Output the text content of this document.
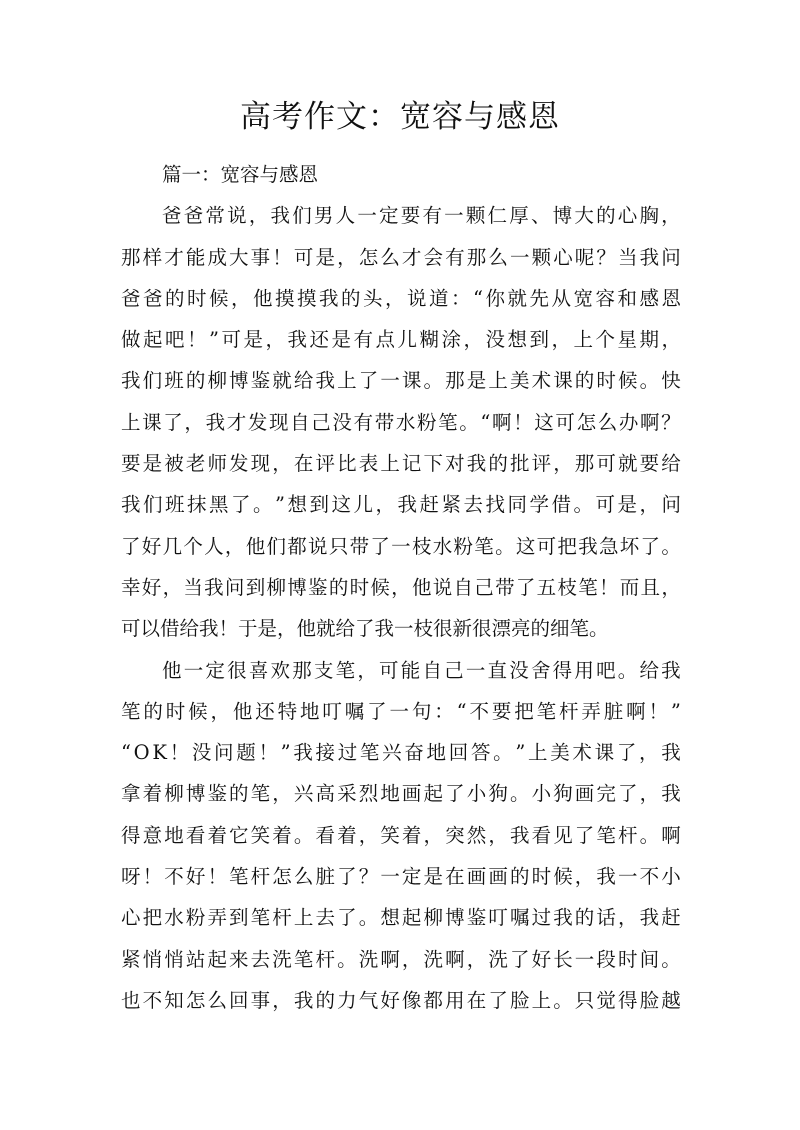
高考作文：宽容与感恩
篇一：宽容与感恩
爸 爸 常 说 ， 我 们 男 人 一 定 要 有 一 颗 仁 厚 、 博 大 的 心 胸 ，
那 样 才 能 成 大 事 ！ 可 是 ， 怎 么 才 会 有 那 么 一 颗 心 呢 ？ 当 我 问
爸 爸 的 时 候 ， 他 摸 摸 我 的 头 ， 说 道 ： “ 你 就 先 从 宽 容 和 感 恩
做 起 吧 ！ ” 可 是 ， 我 还 是 有 点 儿 糊 涂 ， 没 想 到 ， 上 个 星 期 ，
我 们 班 的 柳 博 鉴 就 给 我 上 了 一 课 。 那 是 上 美 术 课 的 时 候 。 快
上 课 了 ， 我 才 发 现 自 己 没 有 带 水 粉 笔 。 “ 啊 ！ 这 可 怎 么 办 啊 ？
要 是 被 老 师 发 现 ， 在 评 比 表 上 记 下 对 我 的 批 评 ， 那 可 就 要 给
我 们 班 抹 黑 了 。 ” 想 到 这 儿 ， 我 赶 紧 去 找 同 学 借 。 可 是 ， 问
了 好 几 个 人 ， 他 们 都 说 只 带 了 一 枝 水 粉 笔 。 这 可 把 我 急 坏 了 。
幸 好 ， 当 我 问 到 柳 博 鉴 的 时 候 ， 他 说 自 己 带 了 五 枝 笔 ！ 而 且 ，
可以借给我！于是，他就给了我一枝很新很漂亮的细笔。
他 一 定 很 喜 欢 那 支 笔 ， 可 能 自 己 一 直 没 舍 得 用 吧 。 给 我
笔 的 时 候 ， 他 还 特 地 叮 嘱 了 一 句 ： “ 不 要 把 笔 杆 弄 脏 啊 ！ ”
“ O K ！ 没 问 题 ！ ” 我 接 过 笔 兴 奋 地 回 答 。 ” 上 美 术 课 了 ， 我
拿 着 柳 博 鉴 的 笔 ， 兴 高 采 烈 地 画 起 了 小 狗 。 小 狗 画 完 了 ， 我
得 意 地 看 着 它 笑 着 。 看 着 ， 笑 着 ， 突 然 ， 我 看 见 了 笔 杆 。 啊
呀 ！ 不 好 ！ 笔 杆 怎 么 脏 了 ？ 一 定 是 在 画 画 的 时 候 ， 我 一 不 小
心 把 水 粉 弄 到 笔 杆 上 去 了 。 想 起 柳 博 鉴 叮 嘱 过 我 的 话 ， 我 赶
紧 悄 悄 站 起 来 去 洗 笔 杆 。 洗 啊 ， 洗 啊 ， 洗 了 好 长 一 段 时 间 。
也 不 知 怎 么 回 事 ， 我 的 力 气 好 像 都 用 在 了 脸 上 。 只 觉 得 脸 越
